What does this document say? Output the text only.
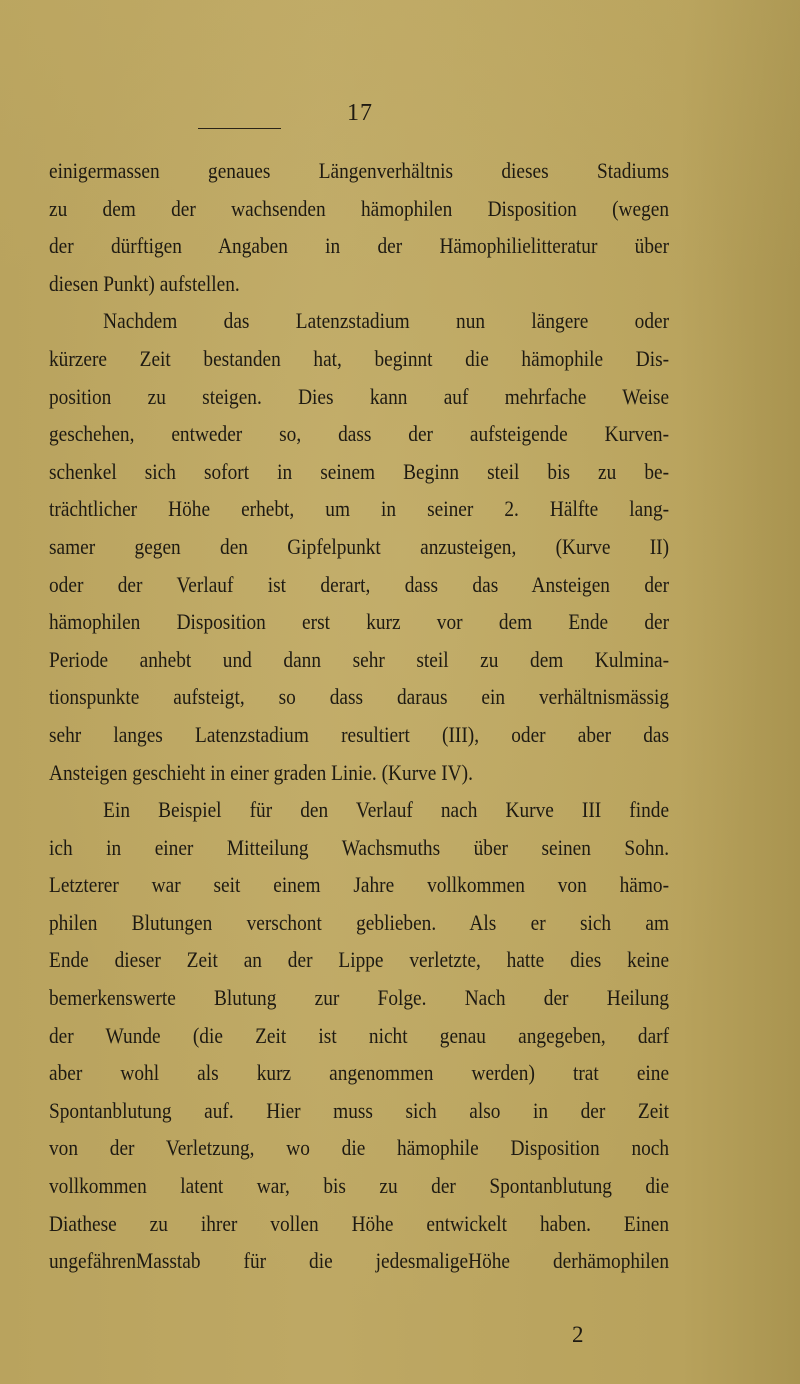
17
einigermassen genaues Längenverhältnis dieses Stadiums
zu dem der wachsenden hämophilen Disposition (wegen
der dürftigen Angaben in der Hämophilielitteratur über
diesen Punkt) aufstellen.
Nachdem das Latenzstadium nun längere oder
kürzere Zeit bestanden hat, beginnt die hämophile Dis-
position zu steigen. Dies kann auf mehrfache Weise
geschehen, entweder so, dass der aufsteigende Kurven-
schenkel sich sofort in seinem Beginn steil bis zu be-
trächtlicher Höhe erhebt, um in seiner 2. Hälfte lang-
samer gegen den Gipfelpunkt anzusteigen, (Kurve II)
oder der Verlauf ist derart, dass das Ansteigen der
hämophilen Disposition erst kurz vor dem Ende der
Periode anhebt und dann sehr steil zu dem Kulmina-
tionspunkte aufsteigt, so dass daraus ein verhältnismässig
sehr langes Latenzstadium resultiert (III), oder aber das
Ansteigen geschieht in einer graden Linie. (Kurve IV).
Ein Beispiel für den Verlauf nach Kurve III finde
ich in einer Mitteilung Wachsmuths über seinen Sohn.
Letzterer war seit einem Jahre vollkommen von hämo-
philen Blutungen verschont geblieben. Als er sich am
Ende dieser Zeit an der Lippe verletzte, hatte dies keine
bemerkenswerte Blutung zur Folge. Nach der Heilung
der Wunde (die Zeit ist nicht genau angegeben, darf
aber wohl als kurz angenommen werden) trat eine
Spontanblutung auf. Hier muss sich also in der Zeit
von der Verletzung, wo die hämophile Disposition noch
vollkommen latent war, bis zu der Spontanblutung die
Diathese zu ihrer vollen Höhe entwickelt haben. Einen
ungefährenMasstab für die jedesmaligeHöhe derhämophilen
2
